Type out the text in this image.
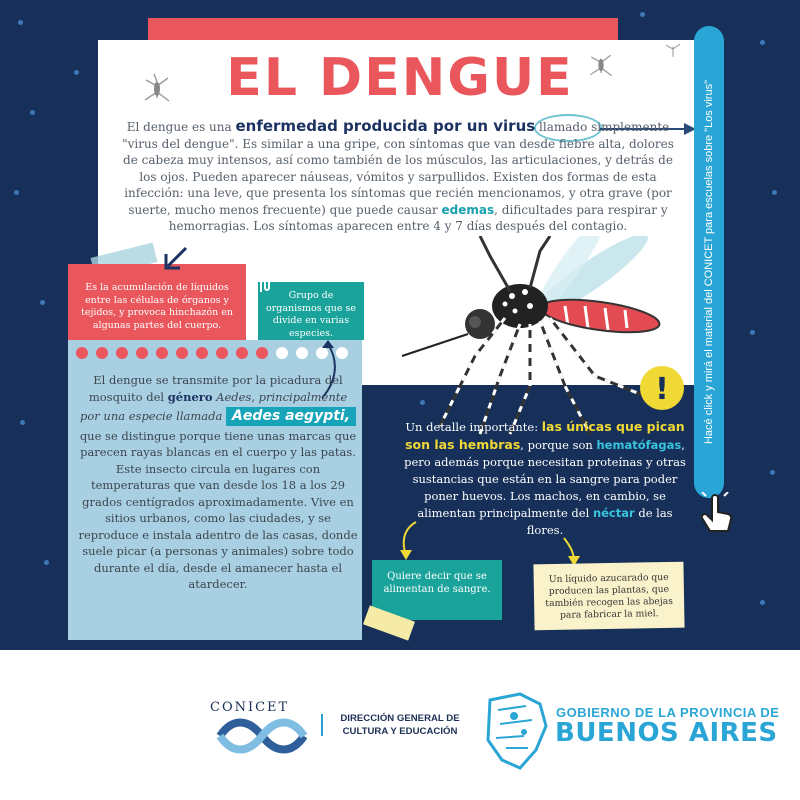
EL DENGUE

El dengue es una enfermedad producida por un virus llamado simplemente "virus del dengue". Es similar a una gripe, con síntomas que van desde fiebre alta, dolores de cabeza muy intensos, así como también de los músculos, las articulaciones, y detrás de los ojos. Pueden aparecer náuseas, vómitos y sarpullidos. Existen dos formas de esta infección: una leve, que presenta los síntomas que recién mencionamos, y otra grave (por suerte, mucho menos frecuente) que puede causar edemas, dificultades para respirar y hemorragias. Los síntomas aparecen entre 4 y 7 días después del contagio.	Hacé click y mirá el material del CONICET para escuelas sobre "Los virus"
Es la acumulación de líquidos entre las células de órganos y tejidos, y provoca hinchazón en algunas partes del cuerpo.
Grupo de organismos que se divide en varias especies.

El dengue se transmite por la picadura del mosquito del género Aedes, principalmente por una especie llamada Aedes aegypti, que se distingue porque tiene unas marcas que parecen rayas blancas en el cuerpo y las patas. Este insecto circula en lugares con temperaturas que van desde los 18 a los 29 grados centígrados aproximadamente. Vive en sitios urbanos, como las ciudades, y se reproduce e instala adentro de las casas, donde suele picar (a personas y animales) sobre todo durante el día, desde el amanecer hasta el atardecer.

!

Un detalle importante: las únicas que pican son las hembras, porque son hematófagas, pero además porque necesitan proteínas y otras sustancias que están en la sangre para poder poner huevos. Los machos, en cambio, se alimentan principalmente del néctar de las flores.

Quiere decir que se alimentan de sangre.
Un líquido azucarado que producen las plantas, que también recogen las abejas para fabricar la miel.
CONICET
DIRECCIÓN GENERAL DE
CULTURA Y EDUCACIÓN
GOBIERNO DE LA PROVINCIA DE
BUENOS AIRES
